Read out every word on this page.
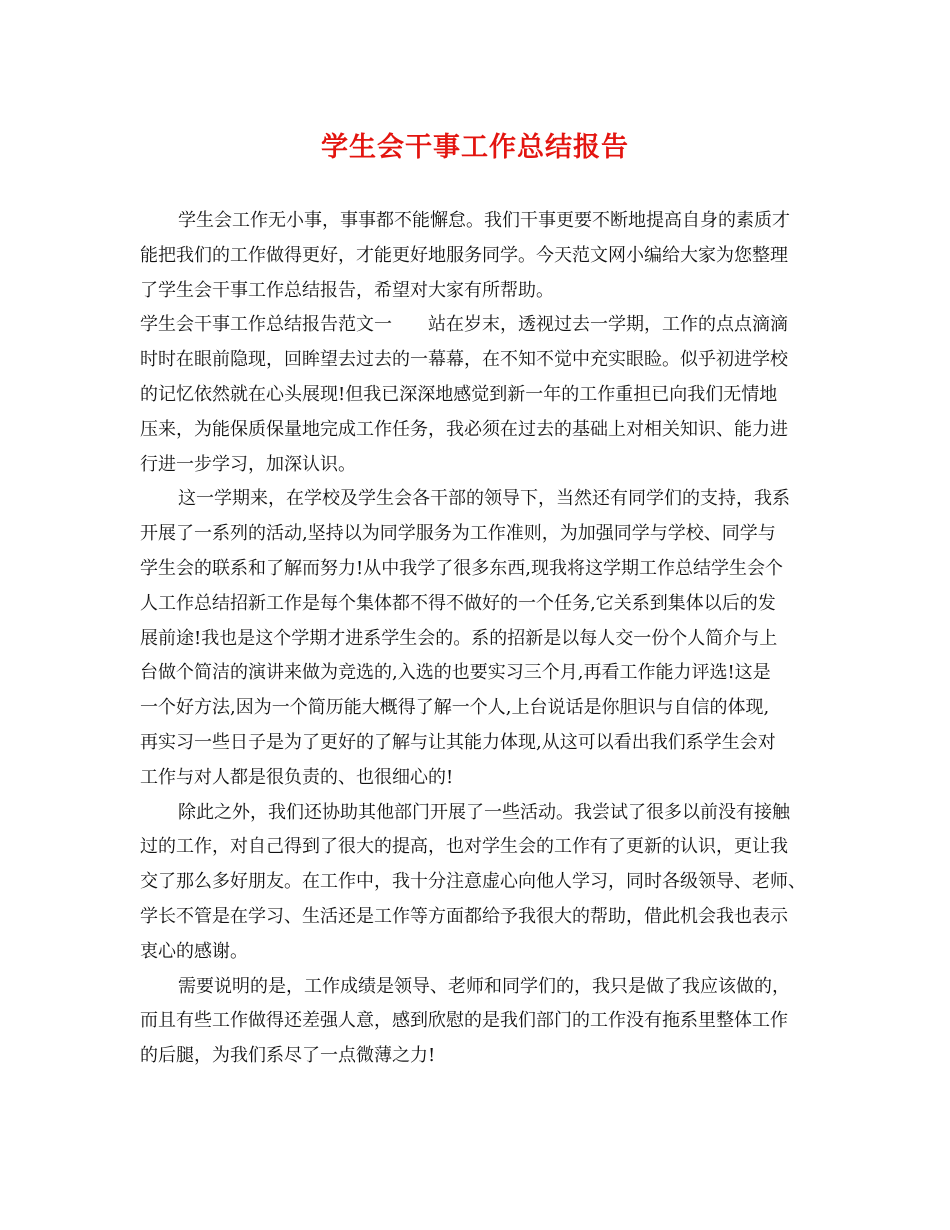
学生会干事工作总结报告
学生会工作无小事，事事都不能懈怠。我们干事更要不断地提高自身的素质才
能把我们的工作做得更好，才能更好地服务同学。今天范文网小编给大家为您整理
了学生会干事工作总结报告，希望对大家有所帮助。
学生会干事工作总结报告范文一　　站在岁末，透视过去一学期，工作的点点滴滴
时时在眼前隐现，回眸望去过去的一幕幕，在不知不觉中充实眼睑。似乎初进学校
的记忆依然就在心头展现!但我已深深地感觉到新一年的工作重担已向我们无情地
压来，为能保质保量地完成工作任务，我必须在过去的基础上对相关知识、能力进
行进一步学习，加深认识。
这一学期来，在学校及学生会各干部的领导下，当然还有同学们的支持，我系
开展了一系列的活动,坚持以为同学服务为工作准则，为加强同学与学校、同学与
学生会的联系和了解而努力!从中我学了很多东西,现我将这学期工作总结学生会个
人工作总结招新工作是每个集体都不得不做好的一个任务,它关系到集体以后的发
展前途!我也是这个学期才进系学生会的。系的招新是以每人交一份个人简介与上
台做个简洁的演讲来做为竞选的,入选的也要实习三个月,再看工作能力评选!这是
一个好方法,因为一个简历能大概得了解一个人,上台说话是你胆识与自信的体现,
再实习一些日子是为了更好的了解与让其能力体现,从这可以看出我们系学生会对
工作与对人都是很负责的、也很细心的!
除此之外，我们还协助其他部门开展了一些活动。我尝试了很多以前没有接触
过的工作，对自己得到了很大的提高，也对学生会的工作有了更新的认识，更让我
交了那么多好朋友。在工作中，我十分注意虚心向他人学习，同时各级领导、老师、
学长不管是在学习、生活还是工作等方面都给予我很大的帮助，借此机会我也表示
衷心的感谢。
需要说明的是，工作成绩是领导、老师和同学们的，我只是做了我应该做的，
而且有些工作做得还差强人意，感到欣慰的是我们部门的工作没有拖系里整体工作
的后腿，为我们系尽了一点微薄之力!
